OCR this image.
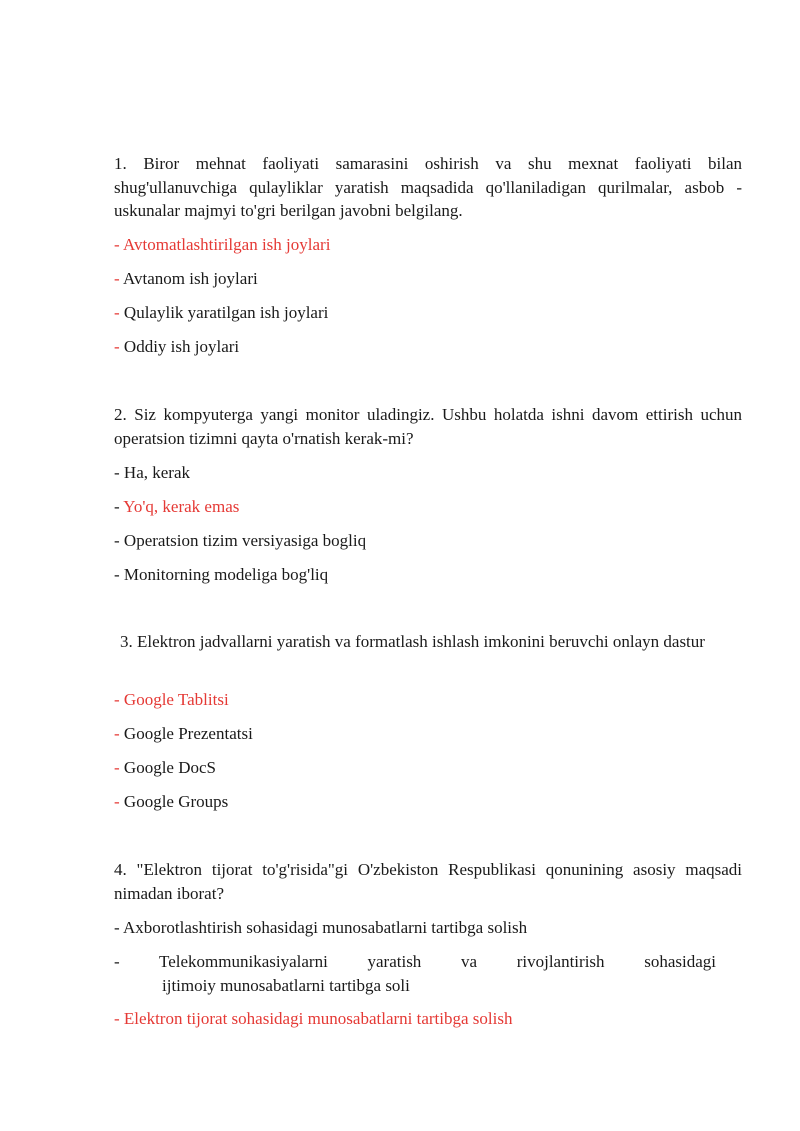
1. Biror mehnat faoliyati samarasini oshirish va shu mexnat faoliyati bilan shug'ullanuvchiga qulayliklar yaratish maqsadida qo'llaniladigan qurilmalar, asbob -uskunalar majmyi to'gri berilgan javobni belgilang.
- Avtomatlashtirilgan ish joylari
- Avtanom ish joylari
- Qulaylik yaratilgan ish joylari
- Oddiy ish joylari
2. Siz kompyuterga yangi monitor uladingiz. Ushbu holatda ishni davom ettirish uchun operatsion tizimni qayta o'rnatish kerak-mi?
- Ha, kerak
- Yo'q, kerak emas
- Operatsion tizim versiyasiga bogliq
- Monitorning modeliga bog'liq
3. Elektron jadvallarni yaratish va formatlash ishlash imkonini beruvchi onlayn dastur
- Google Tablitsi
- Google Prezentatsi
- Google DocS
- Google Groups
4. "Elektron tijorat to'g'risida"gi O'zbekiston Respublikasi qonunining asosiy maqsadi nimadan iborat?
- Axborotlashtirish sohasidagi munosabatlarni tartibga solish
- Telekommunikasiyalarni yaratish va rivojlantirish sohasidagi
ijtimoiy munosabatlarni tartibga soli
- Elektron tijorat sohasidagi munosabatlarni tartibga solish
